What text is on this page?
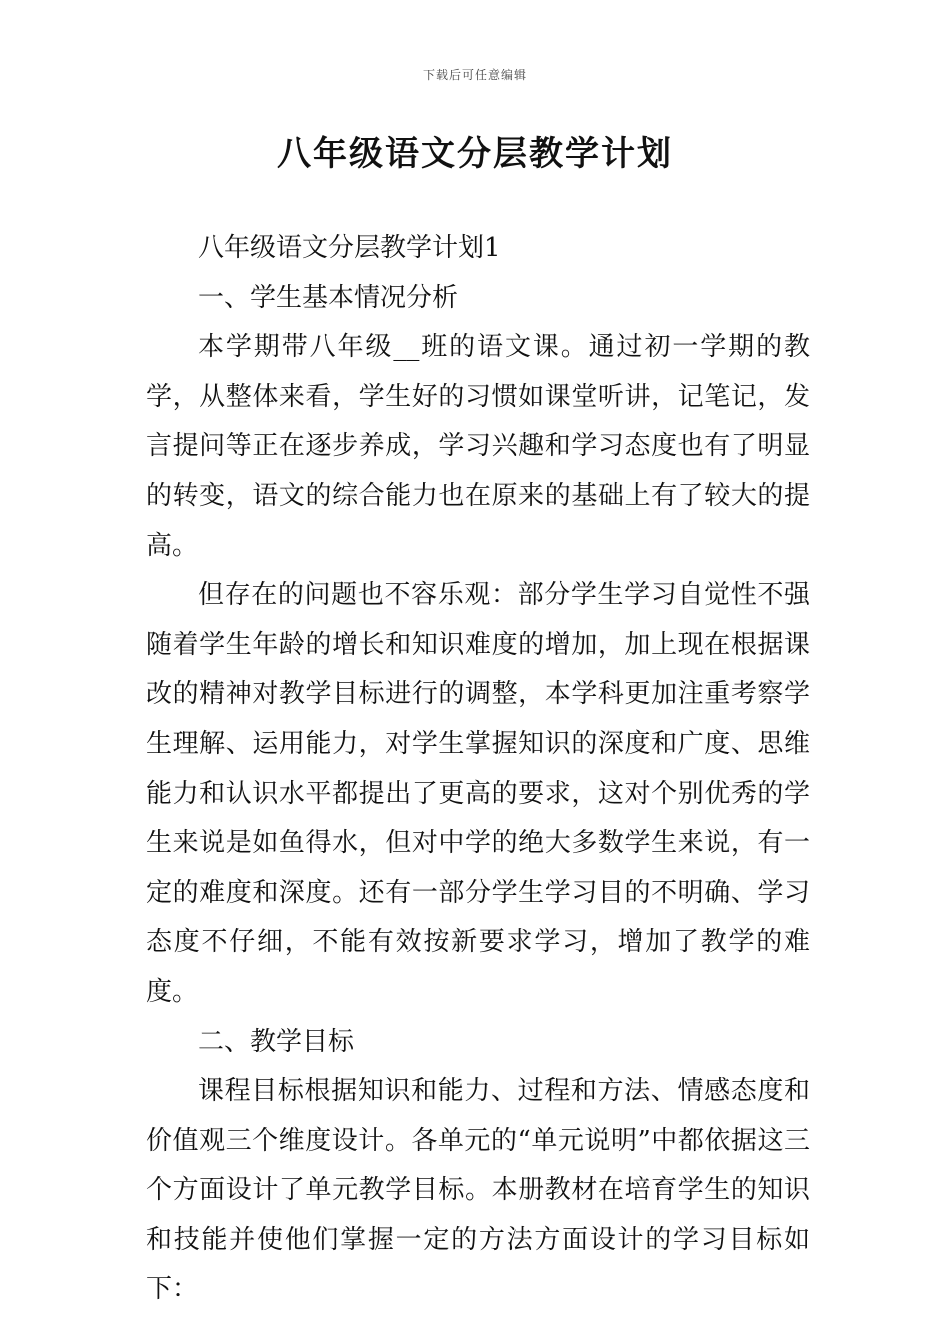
下载后可任意编辑
八年级语文分层教学计划

八年级语文分层教学计划1

一、学生基本情况分析

本学期带八年级__班的语文课。通过初一学期的教学，从整体来看，学生好的习惯如课堂听讲，记笔记，发言提问等正在逐步养成，学习兴趣和学习态度也有了明显的转变，语文的综合能力也在原来的基础上有了较大的提高。

但存在的问题也不容乐观：部分学生学习自觉性不强随着学生年龄的增长和知识难度的增加，加上现在根据课改的精神对教学目标进行的调整，本学科更加注重考察学生理解、运用能力，对学生掌握知识的深度和广度、思维能力和认识水平都提出了更高的要求，这对个别优秀的学生来说是如鱼得水，但对中学的绝大多数学生来说，有一定的难度和深度。还有一部分学生学习目的不明确、学习态度不仔细，不能有效按新要求学习，增加了教学的难度。

二、教学目标

课程目标根据知识和能力、过程和方法、情感态度和价值观三个维度设计。各单元的“单元说明”中都依据这三个方面设计了单元教学目标。本册教材在培育学生的知识和技能并使他们掌握一定的方法方面设计的学习目标如下：
